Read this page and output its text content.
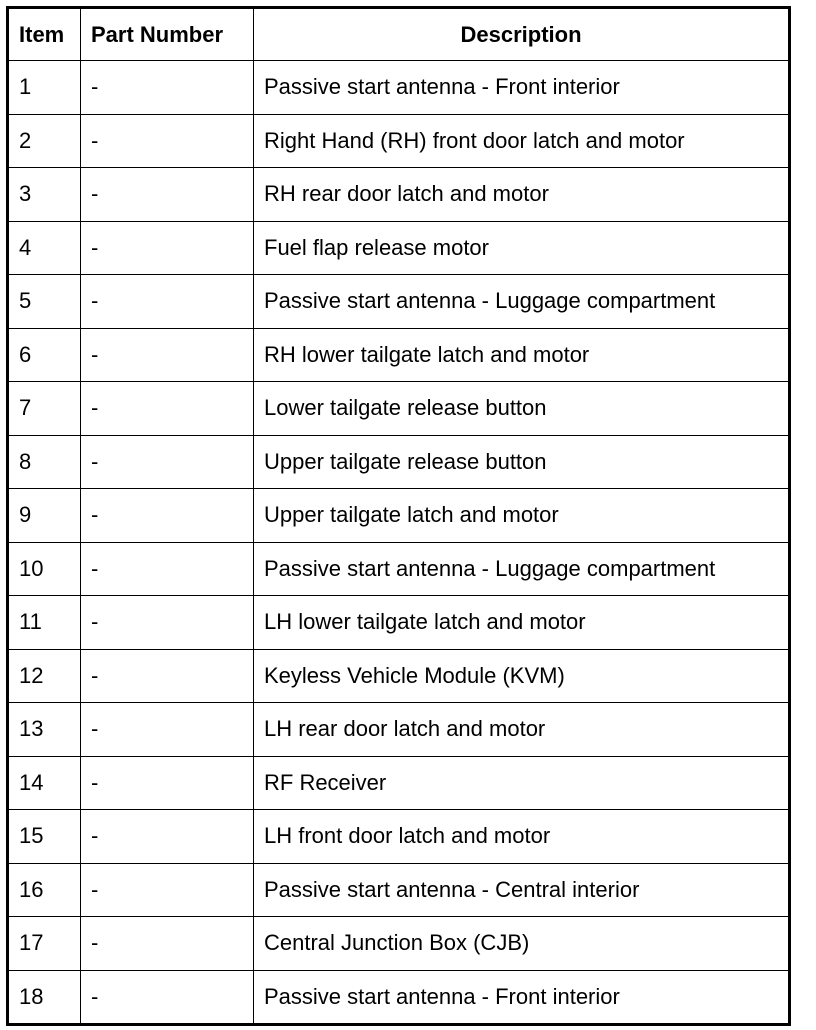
Item	Part Number	Description
1	-	Passive start antenna - Front interior
2	-	Right Hand (RH) front door latch and motor
3	-	RH rear door latch and motor
4	-	Fuel flap release motor
5	-	Passive start antenna - Luggage compartment
6	-	RH lower tailgate latch and motor
7	-	Lower tailgate release button
8	-	Upper tailgate release button
9	-	Upper tailgate latch and motor
10	-	Passive start antenna - Luggage compartment
11	-	LH lower tailgate latch and motor
12	-	Keyless Vehicle Module (KVM)
13	-	LH rear door latch and motor
14	-	RF Receiver
15	-	LH front door latch and motor
16	-	Passive start antenna - Central interior
17	-	Central Junction Box (CJB)
18	-	Passive start antenna - Front interior
